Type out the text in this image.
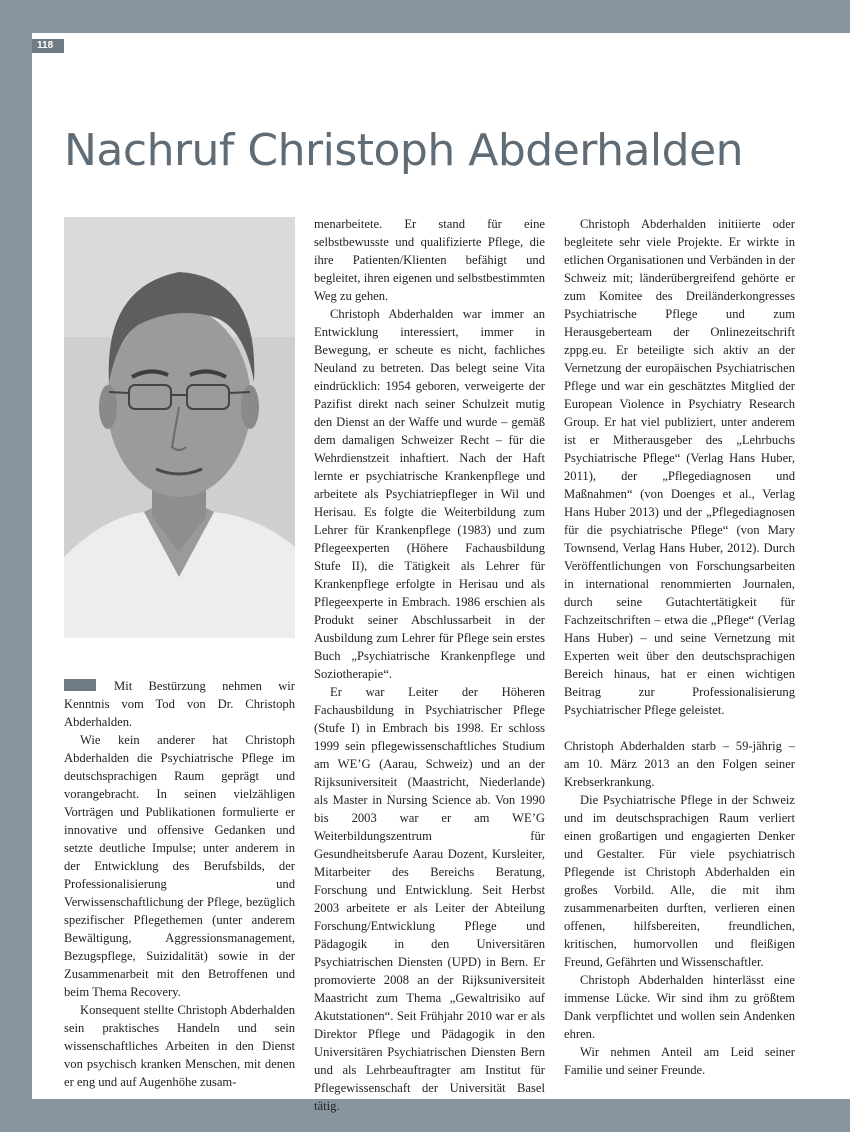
118
Nachruf Christoph Abderhalden

Mit Bestürzung nehmen wir Kenntnis vom Tod von Dr. Christoph Abderhalden.

Wie kein anderer hat Christoph Abderhalden die Psychiatrische Pflege im deutschsprachigen Raum geprägt und vorangebracht. In seinen vielzähligen Vorträgen und Publikationen formulierte er innovative und offensive Gedanken und setzte deutliche Impulse; unter anderem in der Entwicklung des Berufsbilds, der Professionalisierung und Verwissenschaftlichung der Pflege, bezüglich spezifischer Pflegethemen (unter anderem Bewältigung, Aggressionsmanagement, Bezugspflege, Suizidalität) sowie in der Zusammenarbeit mit den Betroffenen und beim Thema Recovery.

Konsequent stellte Christoph Abderhalden sein praktisches Handeln und sein wissenschaftliches Arbeiten in den Dienst von psychisch kranken Menschen, mit denen er eng und auf Augenhöhe zusam-

menarbeitete. Er stand für eine selbstbewusste und qualifizierte Pflege, die ihre Patienten/Klienten befähigt und begleitet, ihren eigenen und selbstbestimmten Weg zu gehen.

Christoph Abderhalden war immer an Entwicklung interessiert, immer in Bewegung, er scheute es nicht, fachliches Neuland zu betreten. Das belegt seine Vita eindrücklich: 1954 geboren, verweigerte der Pazifist direkt nach seiner Schulzeit mutig den Dienst an der Waffe und wurde – gemäß dem damaligen Schweizer Recht – für die Wehrdienstzeit inhaftiert. Nach der Haft lernte er psychiatrische Krankenpflege und arbeitete als Psychiatriepfleger in Wil und Herisau. Es folgte die Weiterbildung zum Lehrer für Krankenpflege (1983) und zum Pflegeexperten (Höhere Fachausbildung Stufe II), die Tätigkeit als Lehrer für Krankenpflege erfolgte in Herisau und als Pflegeexperte in Embrach. 1986 erschien als Produkt seiner Abschlussarbeit in der Ausbildung zum Lehrer für Pflege sein erstes Buch „Psychiatrische Krankenpflege und Soziotherapie“.

Er war Leiter der Höheren Fachausbildung in Psychiatrischer Pflege (Stufe I) in Embrach bis 1998. Er schloss 1999 sein pflegewissenschaftliches Studium am WE’G (Aarau, Schweiz) und an der Rijksuniversiteit (Maastricht, Niederlande) als Master in Nursing Science ab. Von 1990 bis 2003 war er am WE’G Weiterbildungszentrum für Gesundheitsberufe Aarau Dozent, Kursleiter, Mitarbeiter des Bereichs Beratung, Forschung und Entwicklung. Seit Herbst 2003 arbeitete er als Leiter der Abteilung Forschung/Entwicklung Pflege und Pädagogik in den Universitären Psychiatrischen Diensten (UPD) in Bern. Er promovierte 2008 an der Rijksuniversiteit Maastricht zum Thema „Gewaltrisiko auf Akutstationen“. Seit Frühjahr 2010 war er als Direktor Pflege und Pädagogik in den Universitären Psychiatrischen Diensten Bern und als Lehrbeauftragter am Institut für Pflegewissenschaft der Universität Basel tätig.

Christoph Abderhalden initiierte oder begleitete sehr viele Projekte. Er wirkte in etlichen Organisationen und Verbänden in der Schweiz mit; länderübergreifend gehörte er zum Komitee des Dreiländerkongresses Psychiatrische Pflege und zum Herausgeberteam der Onlinezeitschrift zppg.eu. Er beteiligte sich aktiv an der Vernetzung der europäischen Psychiatrischen Pflege und war ein geschätztes Mitglied der European Violence in Psychiatry Research Group. Er hat viel publiziert, unter anderem ist er Mitherausgeber des „Lehrbuchs Psychiatrische Pflege“ (Verlag Hans Huber, 2011), der „Pflegediagnosen und Maßnahmen“ (von Doenges et al., Verlag Hans Huber 2013) und der „Pflegediagnosen für die psychiatrische Pflege“ (von Mary Townsend, Verlag Hans Huber, 2012). Durch Veröffentlichungen von Forschungsarbeiten in international renommierten Journalen, durch seine Gutachtertätigkeit für Fachzeitschriften – etwa die „Pflege“ (Verlag Hans Huber) – und seine Vernetzung mit Experten weit über den deutschsprachigen Bereich hinaus, hat er einen wichtigen Beitrag zur Professionalisierung Psychiatrischer Pflege geleistet.

Christoph Abderhalden starb – 59-jährig – am 10. März 2013 an den Folgen seiner Krebserkrankung.

Die Psychiatrische Pflege in der Schweiz und im deutschsprachigen Raum verliert einen großartigen und engagierten Denker und Gestalter. Für viele psychiatrisch Pflegende ist Christoph Abderhalden ein großes Vorbild. Alle, die mit ihm zusammenarbeiten durften, verlieren einen offenen, hilfsbereiten, freundlichen, kritischen, humorvollen und fleißigen Freund, Gefährten und Wissenschaftler.

Christoph Abderhalden hinterlässt eine immense Lücke. Wir sind ihm zu größtem Dank verpflichtet und wollen sein Andenken ehren.

Wir nehmen Anteil am Leid seiner Familie und seiner Freunde.
